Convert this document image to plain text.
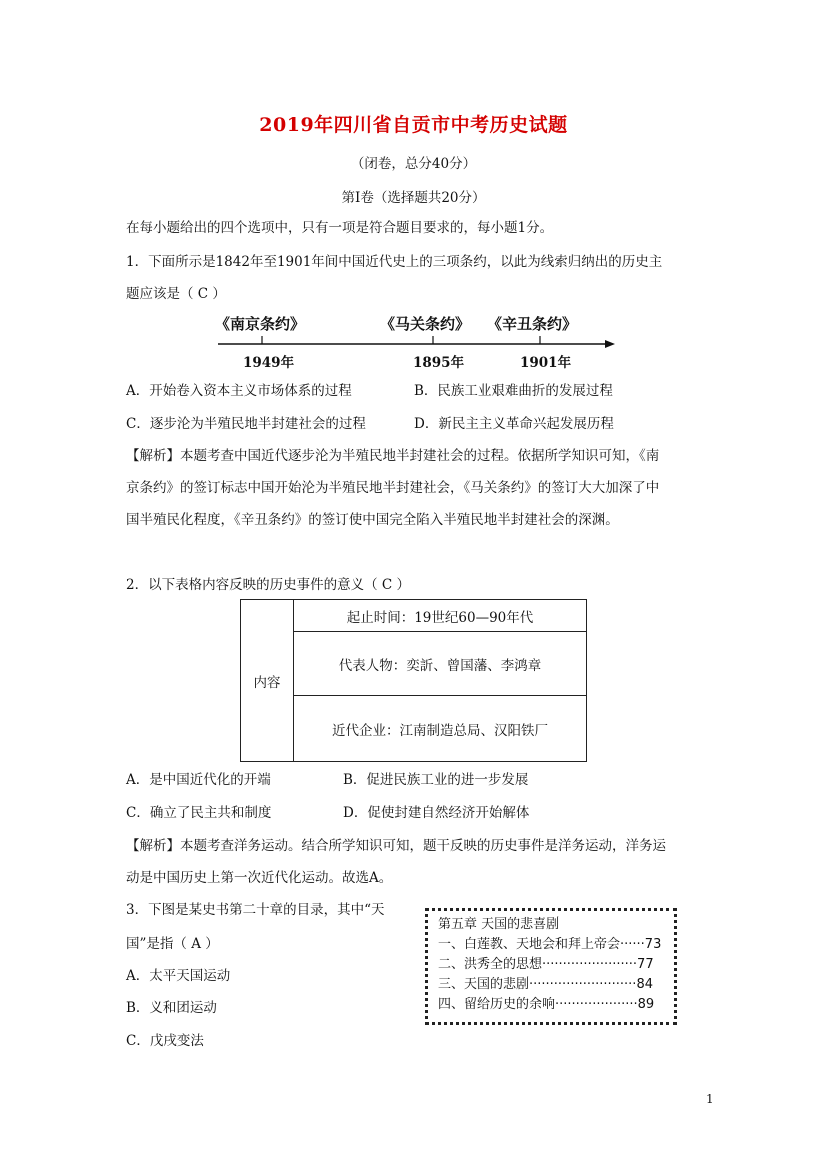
2019年四川省自贡市中考历史试题
（闭卷，总分40分）
第Ⅰ卷（选择题共20分）
在每小题给出的四个选项中，只有一项是符合题目要求的，每小题1分。
1．下面所示是1842年至1901年间中国近代史上的三项条约，以此为线索归纳出的历史主
题应该是（ C ）
《南京条约》	《马关条约》 《辛丑条约》
1949年	1895年	1901年
A．开始卷入资本主义市场体系的过程	B．民族工业艰难曲折的发展过程
C．逐步沦为半殖民地半封建社会的过程	D．新民主主义革命兴起发展历程
【解析】本题考查中国近代逐步沦为半殖民地半封建社会的过程。依据所学知识可知，《南
京条约》的签订标志中国开始沦为半殖民地半封建社会，《马关条约》的签订大大加深了中
国半殖民化程度，《辛丑条约》的签订使中国完全陷入半殖民地半封建社会的深渊。
2．以下表格内容反映的历史事件的意义（ C ）
内容	起止时间：19世纪60—90年代
代表人物：奕訢、曾国藩、李鸿章
近代企业：江南制造总局、汉阳铁厂
A．是中国近代化的开端	B．促进民族工业的进一步发展
C．确立了民主共和制度	D．促使封建自然经济开始解体
【解析】本题考查洋务运动。结合所学知识可知，题干反映的历史事件是洋务运动，洋务运
动是中国历史上第一次近代化运动。故选A。
3．下图是某史书第二十章的目录，其中“天
国”是指（ A ）
A．太平天国运动
B．义和团运动
C．戊戌变法
第五章 天国的悲喜剧
一、白莲教、天地会和拜上帝会······73
二、洪秀全的思想·······················77
三、天国的悲剧··························84
四、留给历史的余响····················89
1
